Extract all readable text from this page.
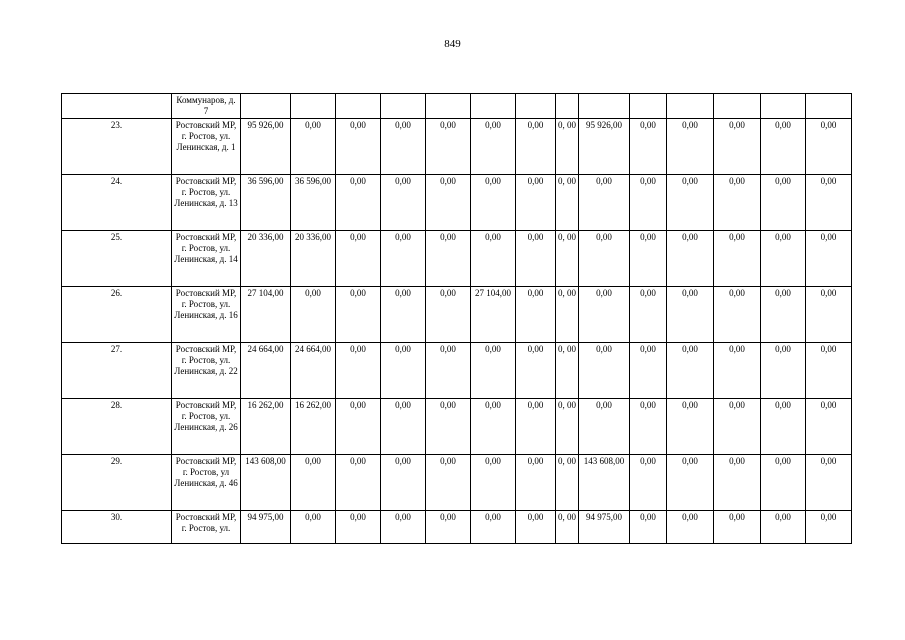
849
	Коммунаров, д. 7														
23.	Ростовский МР, г. Ростов, ул. Ленинская, д. 1	95 926,00	0,00	0,00	0,00	0,00	0,00	0,00	0, 00	95 926,00	0,00	0,00	0,00	0,00	0,00
24.	Ростовский МР, г. Ростов, ул. Ленинская, д. 13	36 596,00	36 596,00	0,00	0,00	0,00	0,00	0,00	0, 00	0,00	0,00	0,00	0,00	0,00	0,00
25.	Ростовский МР, г. Ростов, ул. Ленинская, д. 14	20 336,00	20 336,00	0,00	0,00	0,00	0,00	0,00	0, 00	0,00	0,00	0,00	0,00	0,00	0,00
26.	Ростовский МР, г. Ростов, ул. Ленинская, д. 16	27 104,00	0,00	0,00	0,00	0,00	27 104,00	0,00	0, 00	0,00	0,00	0,00	0,00	0,00	0,00
27.	Ростовский МР, г. Ростов, ул. Ленинская, д. 22	24 664,00	24 664,00	0,00	0,00	0,00	0,00	0,00	0, 00	0,00	0,00	0,00	0,00	0,00	0,00
28.	Ростовский МР, г. Ростов, ул. Ленинская, д. 26	16 262,00	16 262,00	0,00	0,00	0,00	0,00	0,00	0, 00	0,00	0,00	0,00	0,00	0,00	0,00
29.	Ростовский МР, г. Ростов, ул Ленинская, д. 46	143 608,00	0,00	0,00	0,00	0,00	0,00	0,00	0, 00	143 608,00	0,00	0,00	0,00	0,00	0,00
30.	Ростовский МР, г. Ростов, ул.	94 975,00	0,00	0,00	0,00	0,00	0,00	0,00	0, 00	94 975,00	0,00	0,00	0,00	0,00	0,00
